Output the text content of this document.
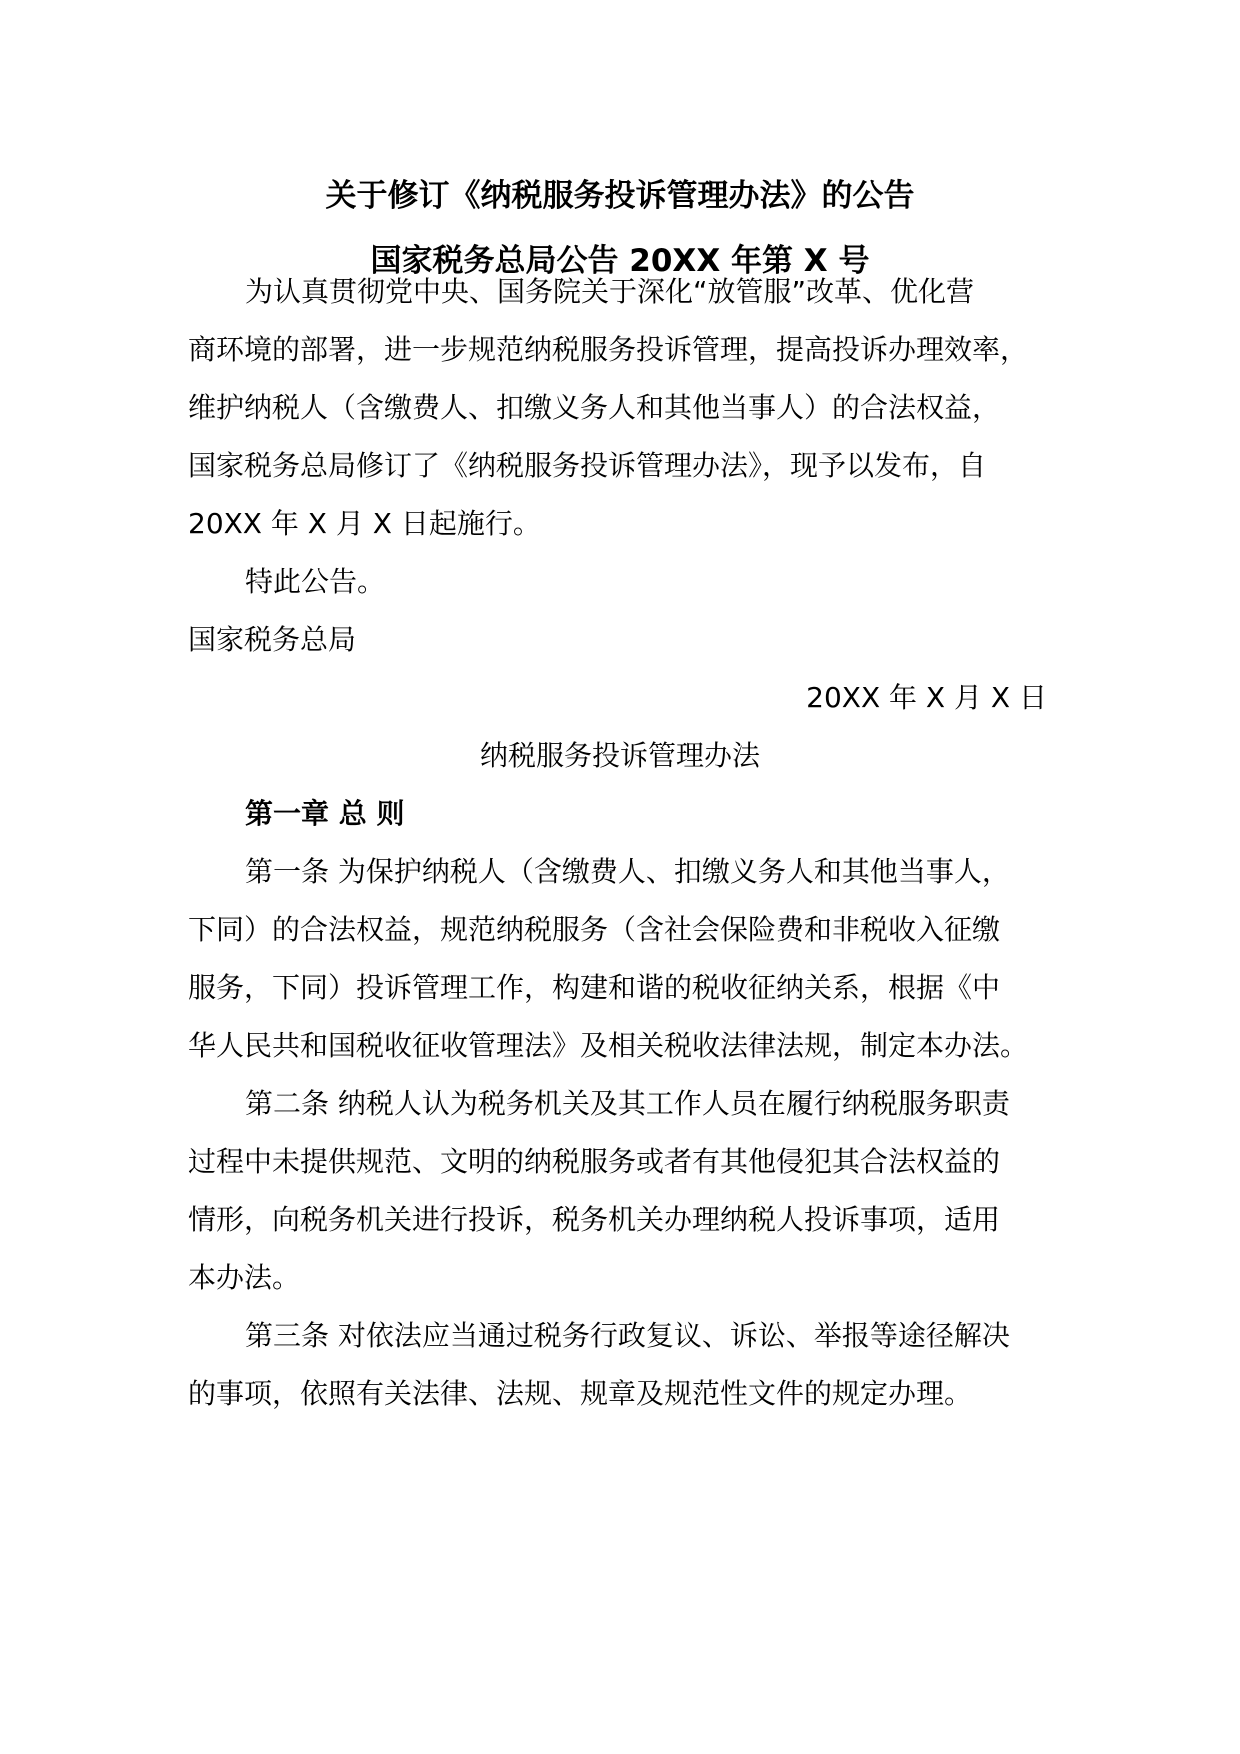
关于修订《纳税服务投诉管理办法》的公告
国家税务总局公告 20XX 年第 X 号
为认真贯彻党中央、国务院关于深化“放管服”改革、优化营
商环境的部署，进一步规范纳税服务投诉管理，提高投诉办理效率，
维护纳税人（含缴费人、扣缴义务人和其他当事人）的合法权益，
国家税务总局修订了《纳税服务投诉管理办法》，现予以发布，自
20XX 年 X 月 X 日起施行。
特此公告。
国家税务总局
20XX 年 X 月 X 日
纳税服务投诉管理办法
第一章 总 则
第一条 为保护纳税人（含缴费人、扣缴义务人和其他当事人，
下同）的合法权益，规范纳税服务（含社会保险费和非税收入征缴
服务，下同）投诉管理工作，构建和谐的税收征纳关系，根据《中
华人民共和国税收征收管理法》及相关税收法律法规，制定本办法。
第二条 纳税人认为税务机关及其工作人员在履行纳税服务职责
过程中未提供规范、文明的纳税服务或者有其他侵犯其合法权益的
情形，向税务机关进行投诉，税务机关办理纳税人投诉事项，适用
本办法。
第三条 对依法应当通过税务行政复议、诉讼、举报等途径解决
的事项，依照有关法律、法规、规章及规范性文件的规定办理。
